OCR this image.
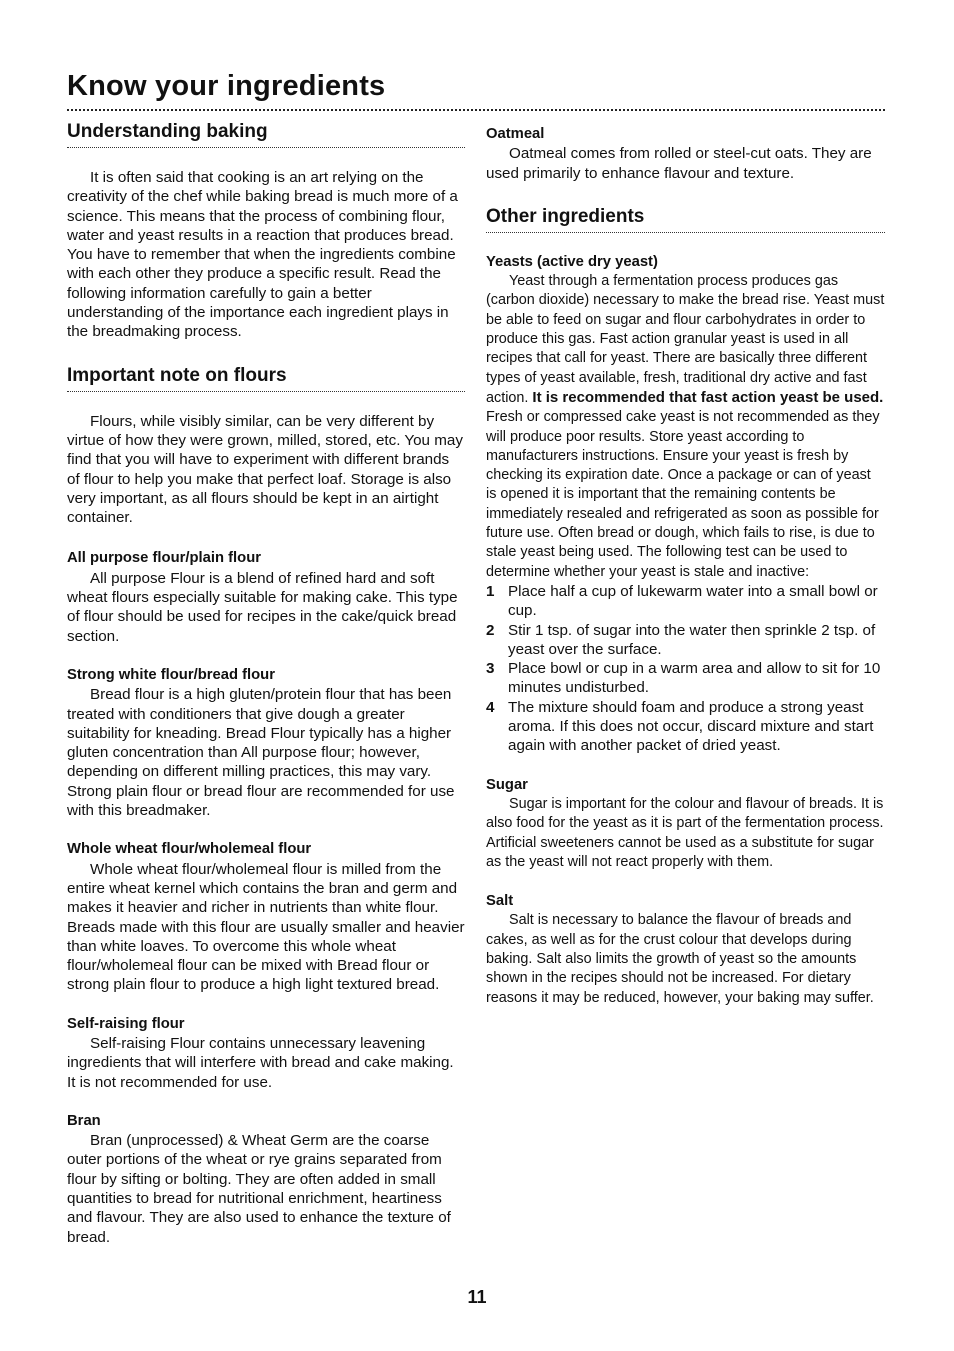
Know your ingredients
Understanding baking

It is often said that cooking is an art relying on the creativity of the chef while baking bread is much more of a science. This means that the process of combining flour, water and yeast results in a reaction that produces bread. You have to remember that when the ingredients combine with each other they produce a specific result. Read the following information carefully to gain a better understanding of the importance each ingredient plays in the breadmaking process.

Important note on flours

Flours, while visibly similar, can be very different by virtue of how they were grown, milled, stored, etc. You may find that you will have to experiment with different brands of flour to help you make that perfect loaf. Storage is also very important, as all flours should be kept in an airtight container.

All purpose flour/plain flour

All purpose Flour is a blend of refined hard and soft wheat flours especially suitable for making cake. This type of flour should be used for recipes in the cake/quick bread section.

Strong white flour/bread flour

Bread flour is a high gluten/protein flour that has been treated with conditioners that give dough a greater suitability for kneading. Bread Flour typically has a higher gluten concentration than All purpose flour; however, depending on different milling practices, this may vary. Strong plain flour or bread flour are recommended for use with this breadmaker.

Whole wheat flour/wholemeal flour

Whole wheat flour/wholemeal flour is milled from the entire wheat kernel which contains the bran and germ and makes it heavier and richer in nutrients than white flour. Breads made with this flour are usually smaller and heavier than white loaves. To overcome this whole wheat flour/wholemeal flour can be mixed with Bread flour or strong plain flour to produce a high light textured bread.

Self-raising flour

Self-raising Flour contains unnecessary leavening ingredients that will interfere with bread and cake making. It is not recommended for use.

Bran

Bran (unprocessed) & Wheat Germ are the coarse outer portions of the wheat or rye grains separated from flour by sifting or bolting. They are often added in small quantities to bread for nutritional enrichment, heartiness and flavour. They are also used to enhance the texture of bread.

Oatmeal

Oatmeal comes from rolled or steel-cut oats. They are used primarily to enhance flavour and texture.

Other ingredients
Yeasts (active dry yeast)

Yeast through a fermentation process produces gas (carbon dioxide) necessary to make the bread rise. Yeast must be able to feed on sugar and flour carbohydrates in order to produce this gas. Fast action granular yeast is used in all recipes that call for yeast. There are basically three different types of yeast available, fresh, traditional dry active and fast action. It is recommended that fast action yeast be used. Fresh or compressed cake yeast is not recommended as they will produce poor results. Store yeast according to manufacturers instructions. Ensure your yeast is fresh by checking its expiration date. Once a package or can of yeast is opened it is important that the remaining contents be immediately resealed and refrigerated as soon as possible for future use. Often bread or dough, which fails to rise, is due to stale yeast being used. The following test can be used to determine whether your yeast is stale and inactive:

1 Place half a cup of lukewarm water into a small bowl or cup.
2 Stir 1 tsp. of sugar into the water then sprinkle 2 tsp. of yeast over the surface.
3 Place bowl or cup in a warm area and allow to sit for 10 minutes undisturbed.
4 The mixture should foam and produce a strong yeast aroma. If this does not occur, discard mixture and start again with another packet of dried yeast.
Sugar

Sugar is important for the colour and flavour of breads. It is also food for the yeast as it is part of the fermentation process. Artificial sweeteners cannot be used as a substitute for sugar as the yeast will not react properly with them.

Salt

Salt is necessary to balance the flavour of breads and cakes, as well as for the crust colour that develops during baking. Salt also limits the growth of yeast so the amounts shown in the recipes should not be increased. For dietary reasons it may be reduced, however, your baking may suffer.

11
